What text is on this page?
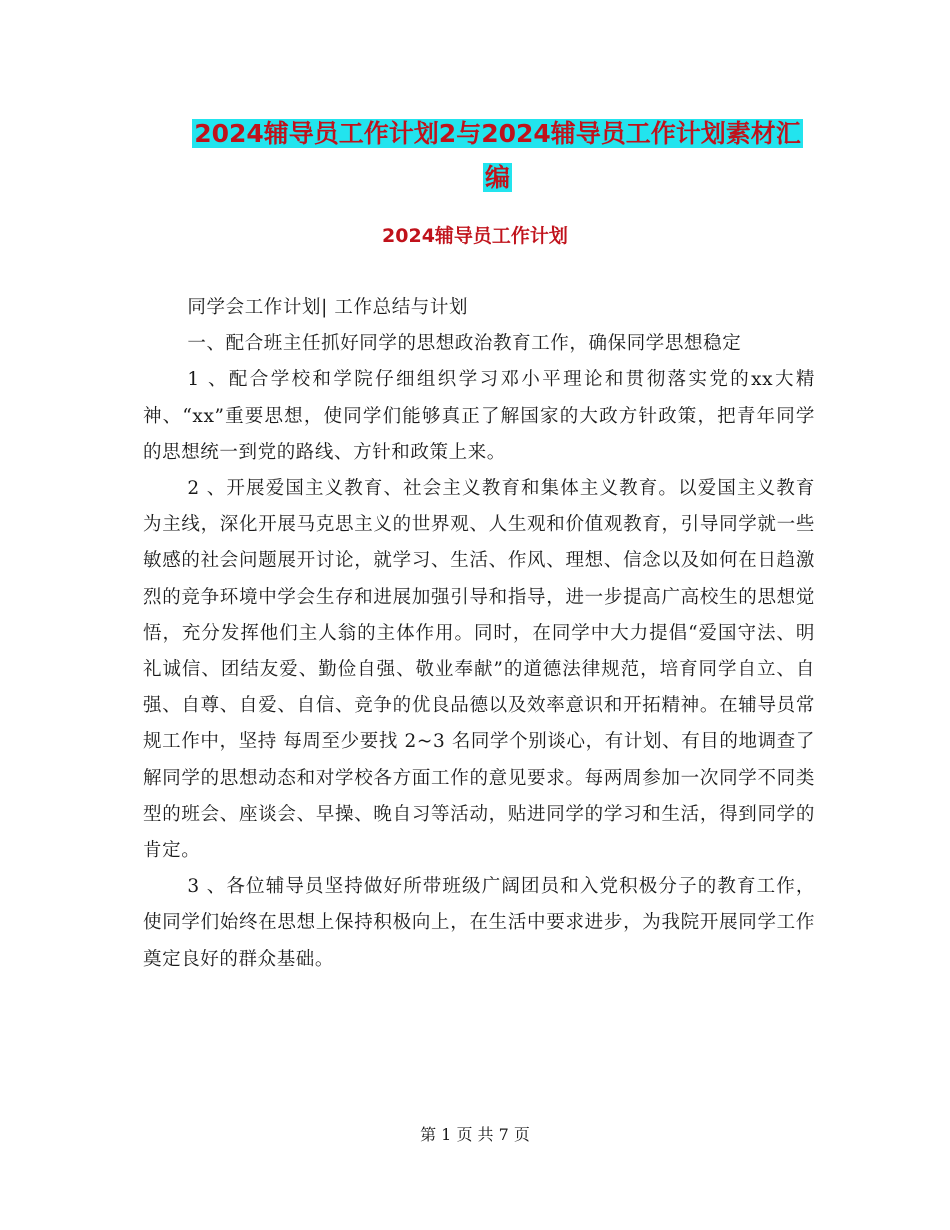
2024辅导员工作计划2与2024辅导员工作计划素材汇
编
2024辅导员工作计划

同学会工作计划| 工作总结与计划

一、配合班主任抓好同学的思想政治教育工作，确保同学思想稳定

1 、配合学校和学院仔细组织学习邓小平理论和贯彻落实党的xx大精神、“xx”重要思想，使同学们能够真正了解国家的大政方针政策，把青年同学的思想统一到党的路线、方针和政策上来。

2 、开展爱国主义教育、社会主义教育和集体主义教育。以爱国主义教育为主线，深化开展马克思主义的世界观、人生观和价值观教育，引导同学就一些敏感的社会问题展开讨论，就学习、生活、作风、理想、信念以及如何在日趋激烈的竞争环境中学会生存和进展加强引导和指导，进一步提高广高校生的思想觉悟，充分发挥他们主人翁的主体作用。同时，在同学中大力提倡“爱国守法、明礼诚信、团结友爱、勤俭自强、敬业奉献”的道德法律规范，培育同学自立、自强、自尊、自爱、自信、竞争的优良品德以及效率意识和开拓精神。在辅导员常规工作中，坚持 每周至少要找 2~3 名同学个别谈心，有计划、有目的地调查了解同学的思想动态和对学校各方面工作的意见要求。每两周参加一次同学不同类型的班会、座谈会、早操、晚自习等活动，贴进同学的学习和生活，得到同学的肯定。

3 、各位辅导员坚持做好所带班级广阔团员和入党积极分子的教育工作，使同学们始终在思想上保持积极向上，在生活中要求进步，为我院开展同学工作奠定良好的群众基础。

第 1 页 共 7 页
